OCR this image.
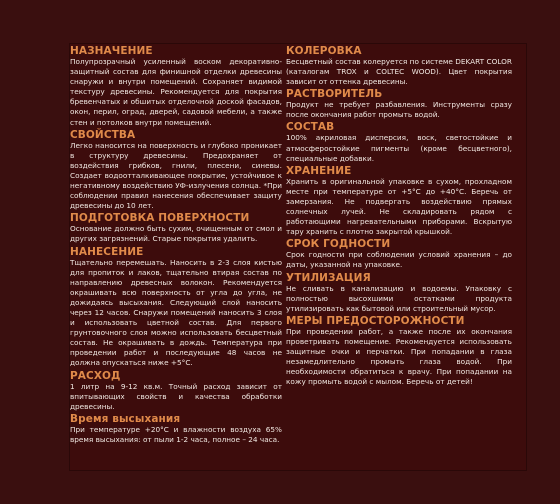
НАЗНАЧЕНИЕ

Полупрозрачный усиленный воском декоративно-защитный состав для финишной отделки древесины снаружи и внутри помещений. Сохраняет видимой текстуру древесины. Рекомендуется для покрытия бревенчатых и обшитых отделочной доской фасадов, окон, перил, оград, дверей, садовой мебели, а также стен и потолков внутри помещений.

СВОЙСТВА

Легко наносится на поверхность и глубоко проникает в структуру древесины. Предохраняет от воздействия грибков, гнили, плесени, синевы. Создает водоотталкивающее покрытие, устойчивое к негативному воздействию УФ-излучения солнца. *При соблюдении правил нанесения обеспечивает защиту древесины до 10 лет.

ПОДГОТОВКА ПОВЕРХНОСТИ

Основание должно быть сухим, очищенным от смол и других загрязнений. Старые покрытия удалить.

НАНЕСЕНИЕ

Тщательно перемешать. Наносить в 2-3 слоя кистью для пропиток и лаков, тщательно втирая состав по направлению древесных волокон. Рекомендуется окрашивать всю поверхность от угла до угла, не дожидаясь высыхания. Следующий слой наносить через 12 часов. Снаружи помещений наносить 3 слоя и использовать цветной состав. Для первого грунтовочного слоя можно использовать бесцветный состав. Не окрашивать в дождь. Температура при проведении работ и последующие 48 часов не должна опускаться ниже +5°С.

РАСХОД

1 литр на 9-12 кв.м. Точный расход зависит от впитывающих свойств и качества обработки древесины.

Время высыхания

При температуре +20°С и влажности воздуха 65% время высыхания: от пыли 1-2 часа, полное – 24 часа.

КОЛЕРОВКА

Бесцветный состав колеруется по системе DEKART COLOR (каталогам TROX и COLTEC WOOD). Цвет покрытия зависит от оттенка древесины.

РАСТВОРИТЕЛЬ

Продукт не требует разбавления. Инструменты сразу после окончания работ промыть водой.

СОСТАВ

100% акриловая дисперсия, воск, светостойкие и атмосферостойкие пигменты (кроме бесцветного), специальные добавки.

ХРАНЕНИЕ

Хранить в оригинальной упаковке в сухом, прохладном месте при температуре от +5°С до +40°С. Беречь от замерзания. Не подвергать воздействию прямых солнечных лучей. Не складировать рядом с работающими нагревательными приборами. Вскрытую тару хранить с плотно закрытой крышкой.

СРОК ГОДНОСТИ

Срок годности при соблюдении условий хранения – до даты, указанной на упаковке.

УТИЛИЗАЦИЯ

Не сливать в канализацию и водоемы. Упаковку с полностью высохшими остатками продукта утилизировать как бытовой или строительный мусор.

МЕРЫ ПРЕДОСТОРОЖНОСТИ

При проведении работ, а также после их окончания проветривать помещение. Рекомендуется использовать защитные очки и перчатки. При попадании в глаза незамедлительно промыть глаза водой. При необходимости обратиться к врачу. При попадании на кожу промыть водой с мылом. Беречь от детей!
